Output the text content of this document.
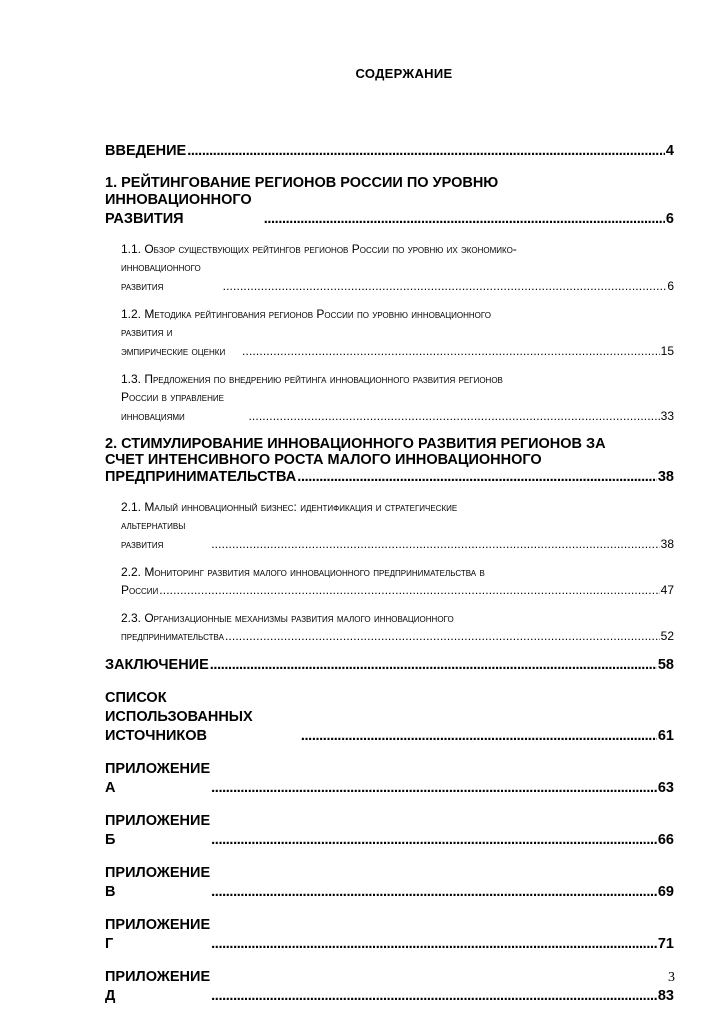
СОДЕРЖАНИЕ
ВВЕДЕНИЕ . . .	4
1. РЕЙТИНГОВАНИЕ РЕГИОНОВ РОССИИ ПО УРОВНЮ
ИННОВАЦИОННОГО РАЗВИТИЯ . . .	6
1.1. Обзор существующих рейтингов регионов России по уровню их экономико-
инновационного развития . . .	6
1.2. Методика рейтингования регионов России по уровню инновационного
развития и эмпирические оценки . . .	15
1.3. Предложения по внедрению рейтинга инновационного развития регионов
России в управление инновациями . . .	33
2. СТИМУЛИРОВАНИЕ ИННОВАЦИОННОГО РАЗВИТИЯ РЕГИОНОВ ЗА
СЧЕТ ИНТЕНСИВНОГО РОСТА МАЛОГО ИННОВАЦИОННОГО
ПРЕДПРИНИМАТЕЛЬСТВА . . .	38
2.1. Малый инновационный бизнес: идентификация и стратегические
альтернативы развития . . .	38
2.2. Мониторинг развития малого инновационного предпринимательства в
России . . .	47
2.3. Организационные механизмы развития малого инновационного
предпринимательства . . .	52
ЗАКЛЮЧЕНИЕ . . .	58
СПИСОК ИСПОЛЬЗОВАННЫХ ИСТОЧНИКОВ . . .	61
ПРИЛОЖЕНИЕ А . . .	63
ПРИЛОЖЕНИЕ Б . . .	66
ПРИЛОЖЕНИЕ В . . .	69
ПРИЛОЖЕНИЕ Г . . .	71
ПРИЛОЖЕНИЕ Д . . .	83
3
